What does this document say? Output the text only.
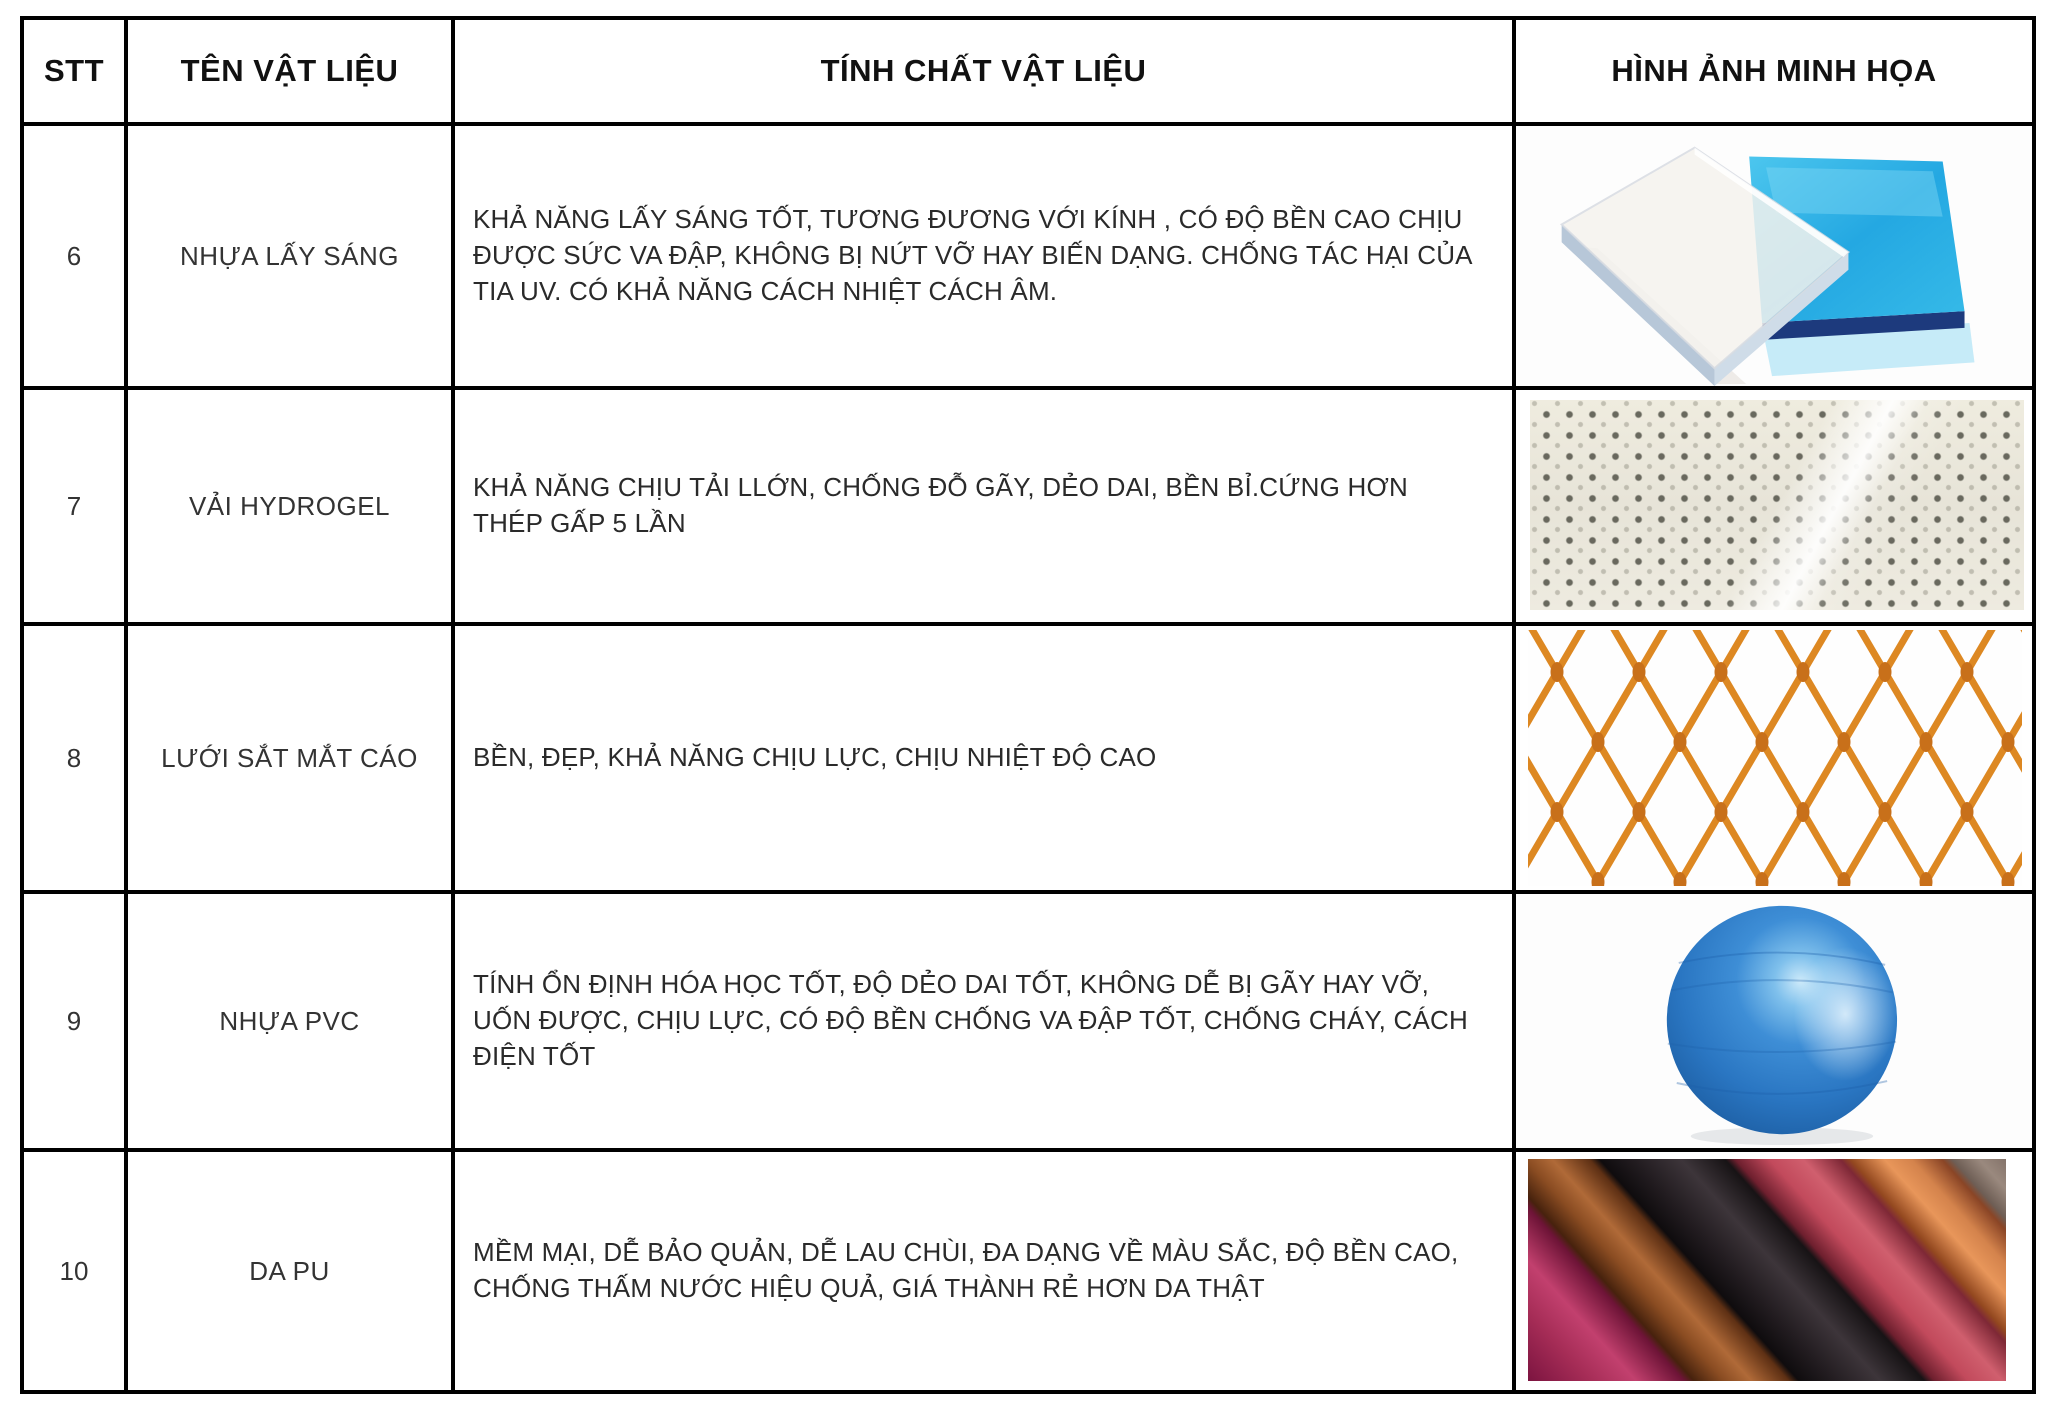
STT	TÊN VẬT LIỆU	TÍNH CHẤT VẬT LIỆU	HÌNH ẢNH MINH HỌA
6	NHỰA LẤY SÁNG	KHẢ NĂNG LẤY SÁNG TỐT, TƯƠNG ĐƯƠNG VỚI KÍNH , CÓ ĐỘ BỀN CAO CHỊU ĐƯỢC SỨC VA ĐẬP, KHÔNG BỊ NỨT VỠ HAY BIẾN DẠNG. CHỐNG TÁC HẠI CỦA TIA UV. CÓ KHẢ NĂNG CÁCH NHIỆT CÁCH ÂM.	

7	VẢI HYDROGEL	KHẢ NĂNG CHỊU TẢI LLỚN, CHỐNG ĐỖ GÃY, DẺO DAI, BỀN BỈ.CỨNG HƠN THÉP GẤP 5 LẦN	

8	LƯỚI SẮT MẮT CÁO	BỀN, ĐẸP, KHẢ NĂNG CHỊU LỰC, CHỊU NHIỆT ĐỘ CAO	

9	NHỰA PVC	TÍNH ỔN ĐỊNH HÓA HỌC TỐT, ĐỘ DẺO DAI TỐT, KHÔNG DỄ BỊ GÃY HAY VỠ,  UỐN ĐƯỢC, CHỊU LỰC, CÓ ĐỘ BỀN CHỐNG VA ĐẬP TỐT, CHỐNG CHÁY, CÁCH ĐIỆN TỐT	

10	DA PU	MỀM MẠI, DỄ BẢO QUẢN, DỄ LAU CHÙI, ĐA DẠNG VỀ MÀU SẮC, ĐỘ BỀN CAO, CHỐNG THẤM NƯỚC HIỆU QUẢ, GIÁ THÀNH RẺ HƠN DA THẬT	
